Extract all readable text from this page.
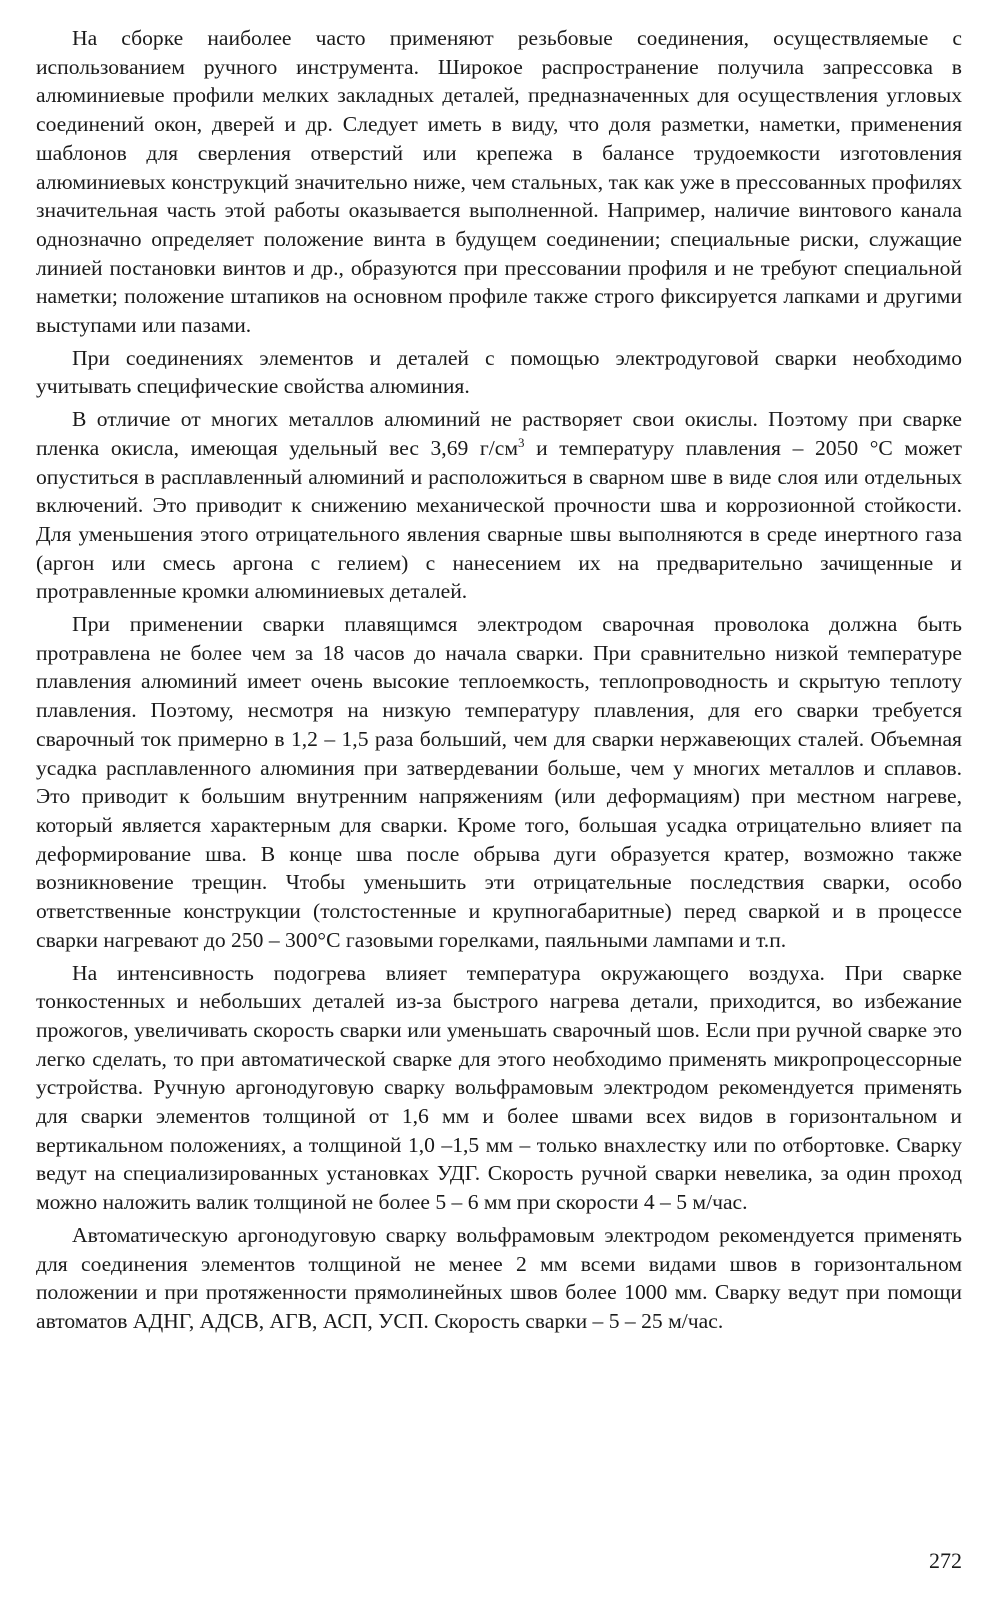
На сборке наиболее часто применяют резьбовые соединения, осуществляемые с использованием ручного инструмента. Широкое распространение получила запрессовка в алюминиевые профили мелких закладных деталей, предназначенных для осуществления угловых соединений окон, дверей и др. Следует иметь в виду, что доля разметки, наметки, применения шаблонов для сверления отверстий или крепежа в балансе трудоемкости изготовления алюминиевых конструкций значительно ниже, чем стальных, так как уже в прессованных профилях значительная часть этой работы оказывается выполненной. Например, наличие винтового канала однозначно определяет положение винта в будущем соединении; специальные риски, служащие линией постановки винтов и др., образуются при прессовании профиля и не требуют специальной наметки; положение штапиков на основном профиле также строго фиксируется лапками и другими выступами или пазами.

При соединениях элементов и деталей с помощью электродуговой сварки необходимо учитывать специфические свойства алюминия.

В отличие от многих металлов алюминий не растворяет свои окислы. Поэтому при сварке пленка окисла, имеющая удельный вес 3,69 $г/см^3$ и температуру плавления – 2050 °С может опуститься в расплавленный алюминий и расположиться в сварном шве в виде слоя или отдельных включений. Это приводит к снижению механической прочности шва и коррозионной стойкости. Для уменьшения этого отрицательного явления сварные швы выполняются в среде инертного газа (аргон или смесь аргона с гелием) с нанесением их на предварительно зачищенные и протравленные кромки алюминиевых деталей.

При применении сварки плавящимся электродом сварочная проволока должна быть протравлена не более чем за 18 часов до начала сварки. При сравнительно низкой температуре плавления алюминий имеет очень высокие теплоемкость, теплопроводность и скрытую теплоту плавления. Поэтому, несмотря на низкую температуру плавления, для его сварки требуется сварочный ток примерно в 1,2 – 1,5 раза больший, чем для сварки нержавеющих сталей. Объемная усадка расплавленного алюминия при затвердевании больше, чем у многих металлов и сплавов. Это приводит к большим внутренним напряжениям (или деформациям) при местном нагреве, который является характерным для сварки. Кроме того, большая усадка отрицательно влияет па деформирование шва. В конце шва после обрыва дуги образуется кратер, возможно также возникновение трещин. Чтобы уменьшить эти отрицательные последствия сварки, особо ответственные конструкции (толстостенные и крупногабаритные) перед сваркой и в процессе сварки нагревают до 250 – 300°С газовыми горелками, паяльными лампами и т.п.

На интенсивность подогрева влияет температура окружающего воздуха. При сварке тонкостенных и небольших деталей из-за быстрого нагрева детали, приходится, во избежание прожогов, увеличивать скорость сварки или уменьшать сварочный шов. Если при ручной сварке это легко сделать, то при автоматической сварке для этого необходимо применять микропроцессорные устройства. Ручную аргонодуговую сварку вольфрамовым электродом рекомендуется применять для сварки элементов толщиной от 1,6 мм и более швами всех видов в горизонтальном и вертикальном положениях, а толщиной 1,0 –1,5 мм – только внахлестку или по отбортовке. Сварку ведут на специализированных установках УДГ. Скорость ручной сварки невелика, за один проход можно наложить валик толщиной не более 5 – 6 мм при скорости 4 – 5 м/час.

Автоматическую аргонодуговую сварку вольфрамовым электродом рекомендуется применять для соединения элементов толщиной не менее 2 мм всеми видами швов в горизонтальном положении и при протяженности прямолинейных швов более 1000 мм. Сварку ведут при помощи автоматов АДНГ, АДСВ, АГВ, АСП, УСП. Скорость сварки – 5 – 25 м/час.

272
